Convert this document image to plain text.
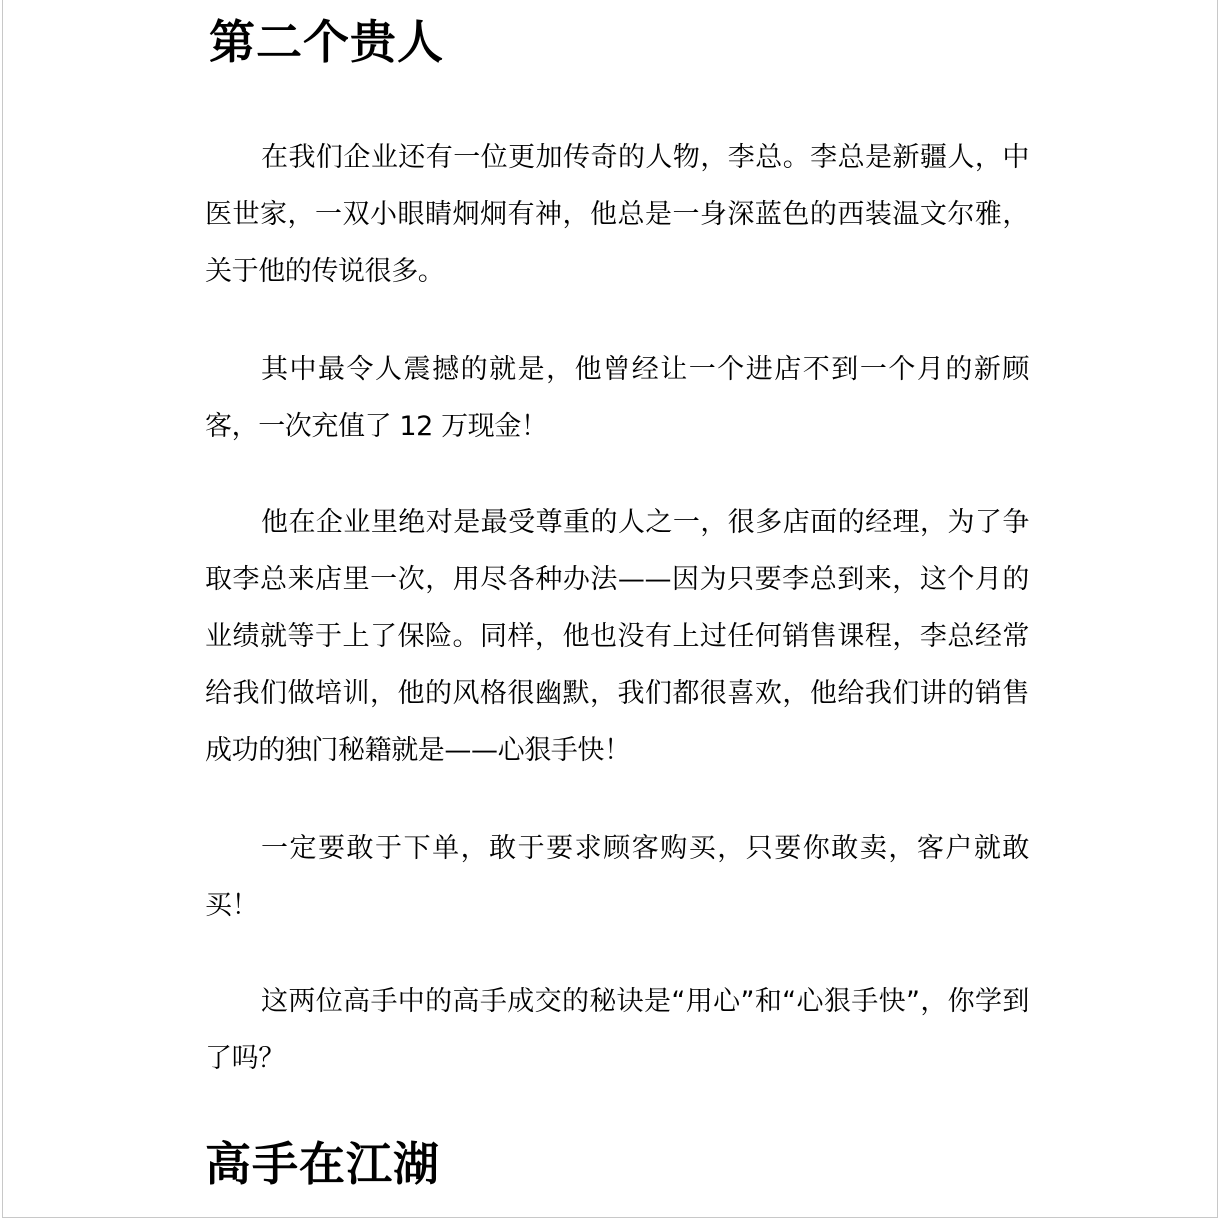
第二个贵人

在我们企业还有一位更加传奇的人物，李总。李总是新疆人，中医世家，一双小眼睛炯炯有神，他总是一身深蓝色的西装温文尔雅，关于他的传说很多。

其中最令人震撼的就是，他曾经让一个进店不到一个月的新顾客，一次充值了 12 万现金！

他在企业里绝对是最受尊重的人之一，很多店面的经理，为了争取李总来店里一次，用尽各种办法——因为只要李总到来，这个月的业绩就等于上了保险。同样，他也没有上过任何销售课程，李总经常给我们做培训，他的风格很幽默，我们都很喜欢，他给我们讲的销售成功的独门秘籍就是——心狠手快！

一定要敢于下单，敢于要求顾客购买，只要你敢卖，客户就敢买！

这两位高手中的高手成交的秘诀是“用心”和“心狠手快”，你学到了吗？

高手在江湖
